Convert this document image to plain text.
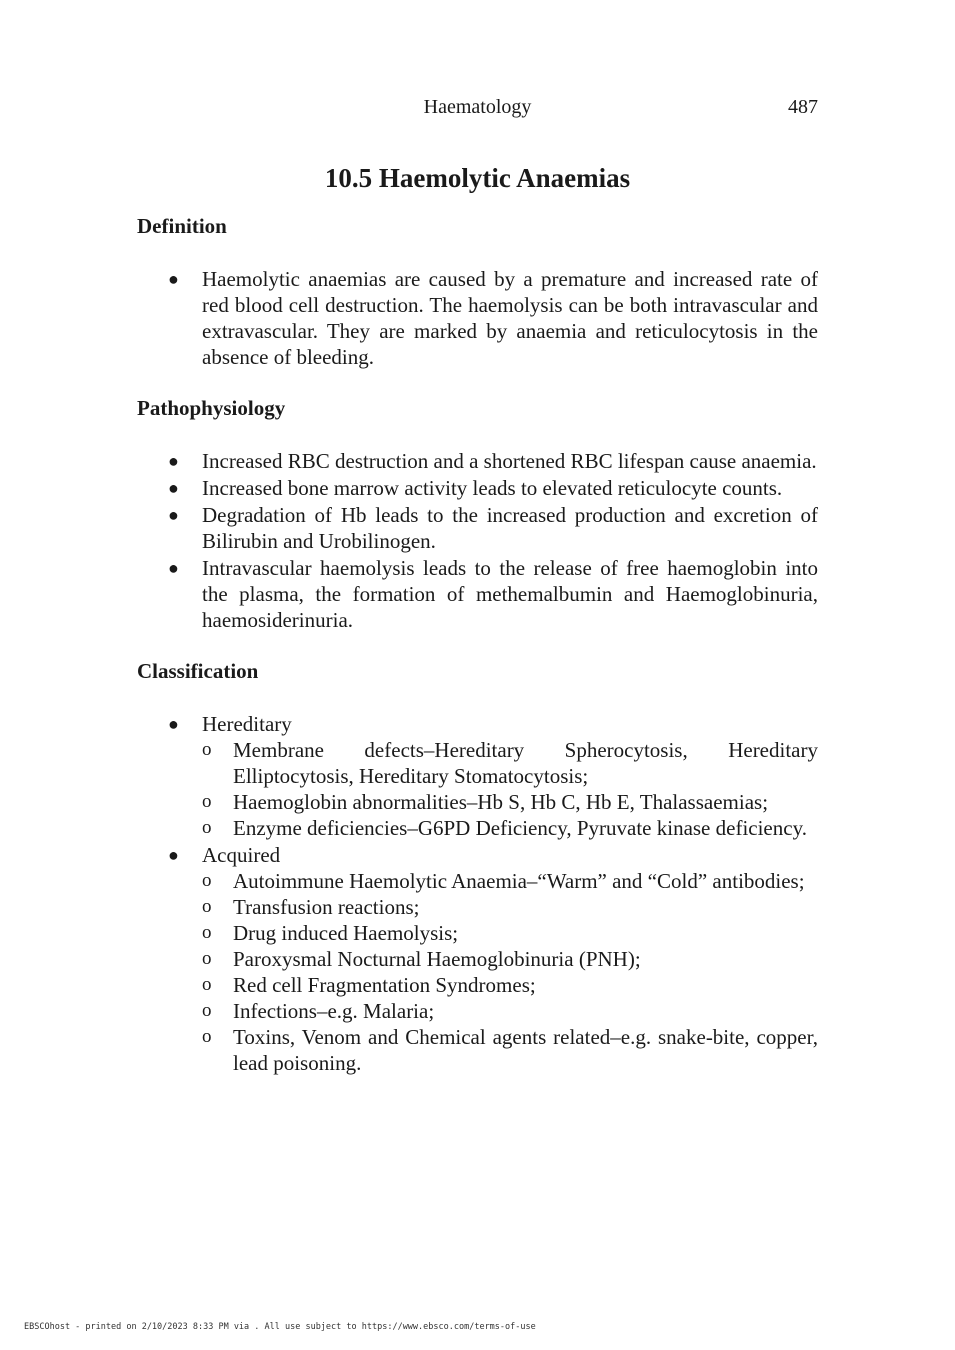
Haematology	487
10.5 Haemolytic Anaemias
Definition
● Haemolytic anaemias are caused by a premature and increased rate of red blood cell destruction. The haemolysis can be both intravascular and extravascular. They are marked by anaemia and reticulocytosis in the absence of bleeding.
Pathophysiology
● Increased RBC destruction and a shortened RBC lifespan cause anaemia.
● Increased bone marrow activity leads to elevated reticulocyte counts.
● Degradation of Hb leads to the increased production and excretion of Bilirubin and Urobilinogen.
● Intravascular haemolysis leads to the release of free haemoglobin into the plasma, the formation of methemalbumin and Haemoglobinuria, haemosiderinuria.
Classification
● Hereditary
o Membrane defects–Hereditary Spherocytosis, Hereditary Elliptocytosis, Hereditary Stomatocytosis;
o Haemoglobin abnormalities–Hb S, Hb C, Hb E, Thalassaemias;
o Enzyme deficiencies–G6PD Deficiency, Pyruvate kinase deficiency.
● Acquired
o Autoimmune Haemolytic Anaemia–“Warm” and “Cold” antibodies;
o Transfusion reactions;
o Drug induced Haemolysis;
o Paroxysmal Nocturnal Haemoglobinuria (PNH);
o Red cell Fragmentation Syndromes;
o Infections–e.g. Malaria;
o Toxins, Venom and Chemical agents related–e.g. snake-bite, copper, lead poisoning.
EBSCOhost - printed on 2/10/2023 8:33 PM via . All use subject to https://www.ebsco.com/terms-of-use
